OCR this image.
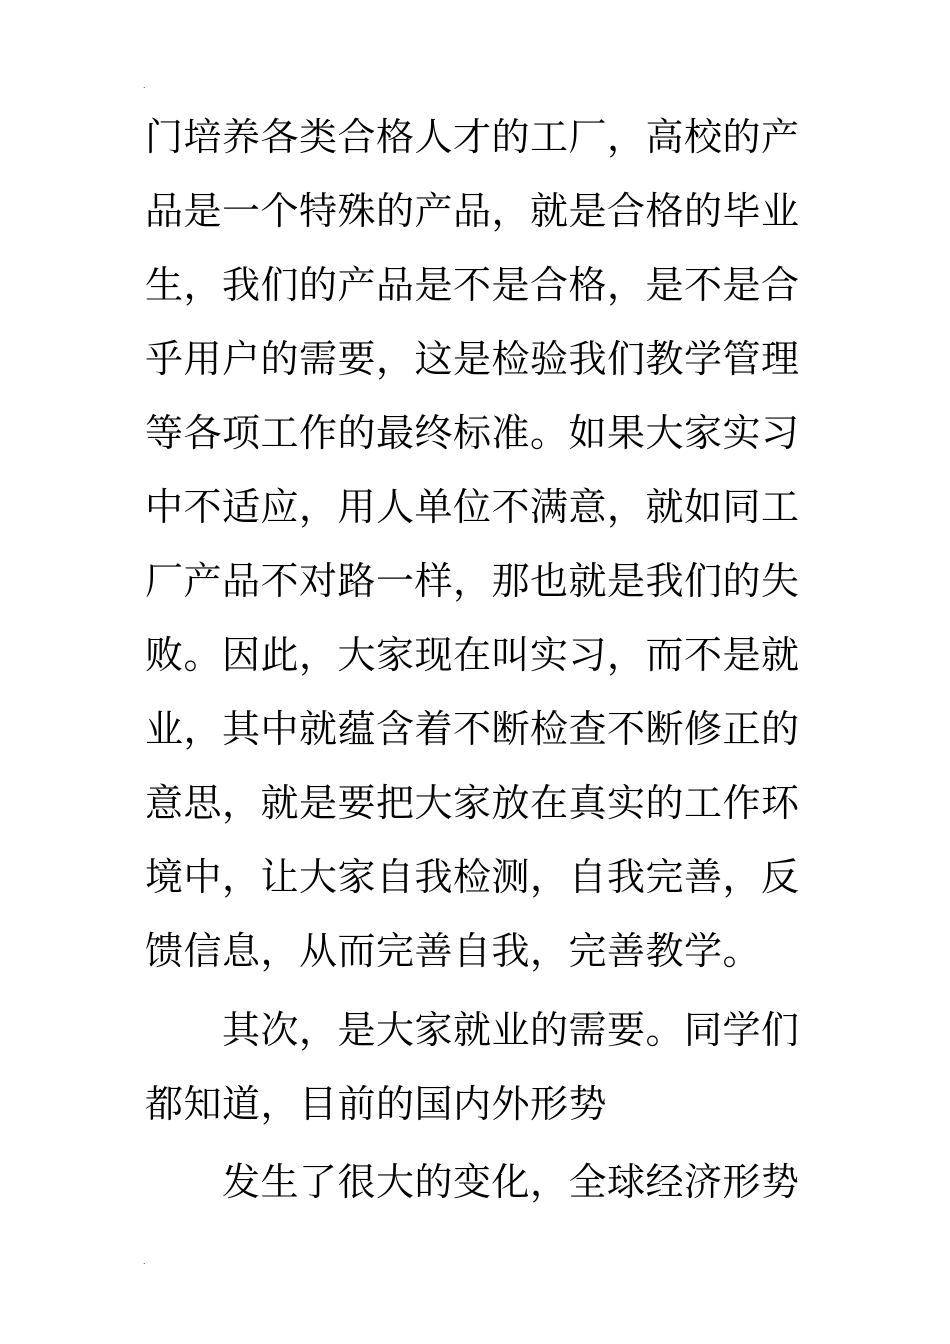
.
门培养各类合格人才的工厂，高校的产
品是一个特殊的产品，就是合格的毕业
生，我们的产品是不是合格，是不是合
乎用户的需要，这是检验我们教学管理
等各项工作的最终标准。如果大家实习
中不适应，用人单位不满意，就如同工
厂产品不对路一样，那也就是我们的失
败。因此，大家现在叫实习，而不是就
业，其中就蕴含着不断检查不断修正的
意思，就是要把大家放在真实的工作环
境中，让大家自我检测，自我完善，反
馈信息，从而完善自我，完善教学。
其次，是大家就业的需要。同学们
都知道，目前的国内外形势
发生了很大的变化，全球经济形势
.
